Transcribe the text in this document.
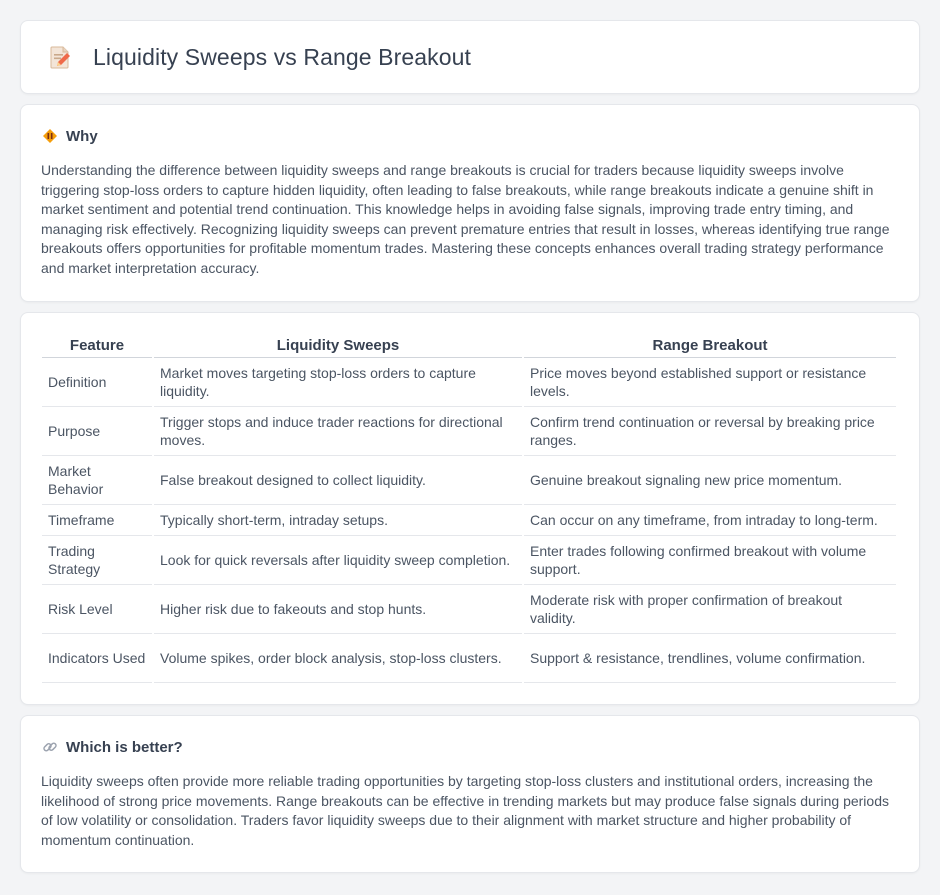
Liquidity Sweeps vs Range Breakout
Why

Understanding the difference between liquidity sweeps and range breakouts is crucial for traders because liquidity sweeps involve triggering stop-loss orders to capture hidden liquidity, often leading to false breakouts, while range breakouts indicate a genuine shift in market sentiment and potential trend continuation. This knowledge helps in avoiding false signals, improving trade entry timing, and managing risk effectively. Recognizing liquidity sweeps can prevent premature entries that result in losses, whereas identifying true range breakouts offers opportunities for profitable momentum trades. Mastering these concepts enhances overall trading strategy performance and market interpretation accuracy.

Feature	Liquidity Sweeps	Range Breakout
Definition	Market moves targeting stop-loss orders to capture liquidity.	Price moves beyond established support or resistance levels.
Purpose	Trigger stops and induce trader reactions for directional moves.	Confirm trend continuation or reversal by breaking price ranges.
Market Behavior	False breakout designed to collect liquidity.	Genuine breakout signaling new price momentum.
Timeframe	Typically short-term, intraday setups.	Can occur on any timeframe, from intraday to long-term.
Trading Strategy	Look for quick reversals after liquidity sweep completion.	Enter trades following confirmed breakout with volume support.
Risk Level	Higher risk due to fakeouts and stop hunts.	Moderate risk with proper confirmation of breakout validity.
Indicators Used	Volume spikes, order block analysis, stop-loss clusters.	Support & resistance, trendlines, volume confirmation.
Which is better?

Liquidity sweeps often provide more reliable trading opportunities by targeting stop-loss clusters and institutional orders, increasing the likelihood of strong price movements. Range breakouts can be effective in trending markets but may produce false signals during periods of low volatility or consolidation. Traders favor liquidity sweeps due to their alignment with market structure and higher probability of momentum continuation.
